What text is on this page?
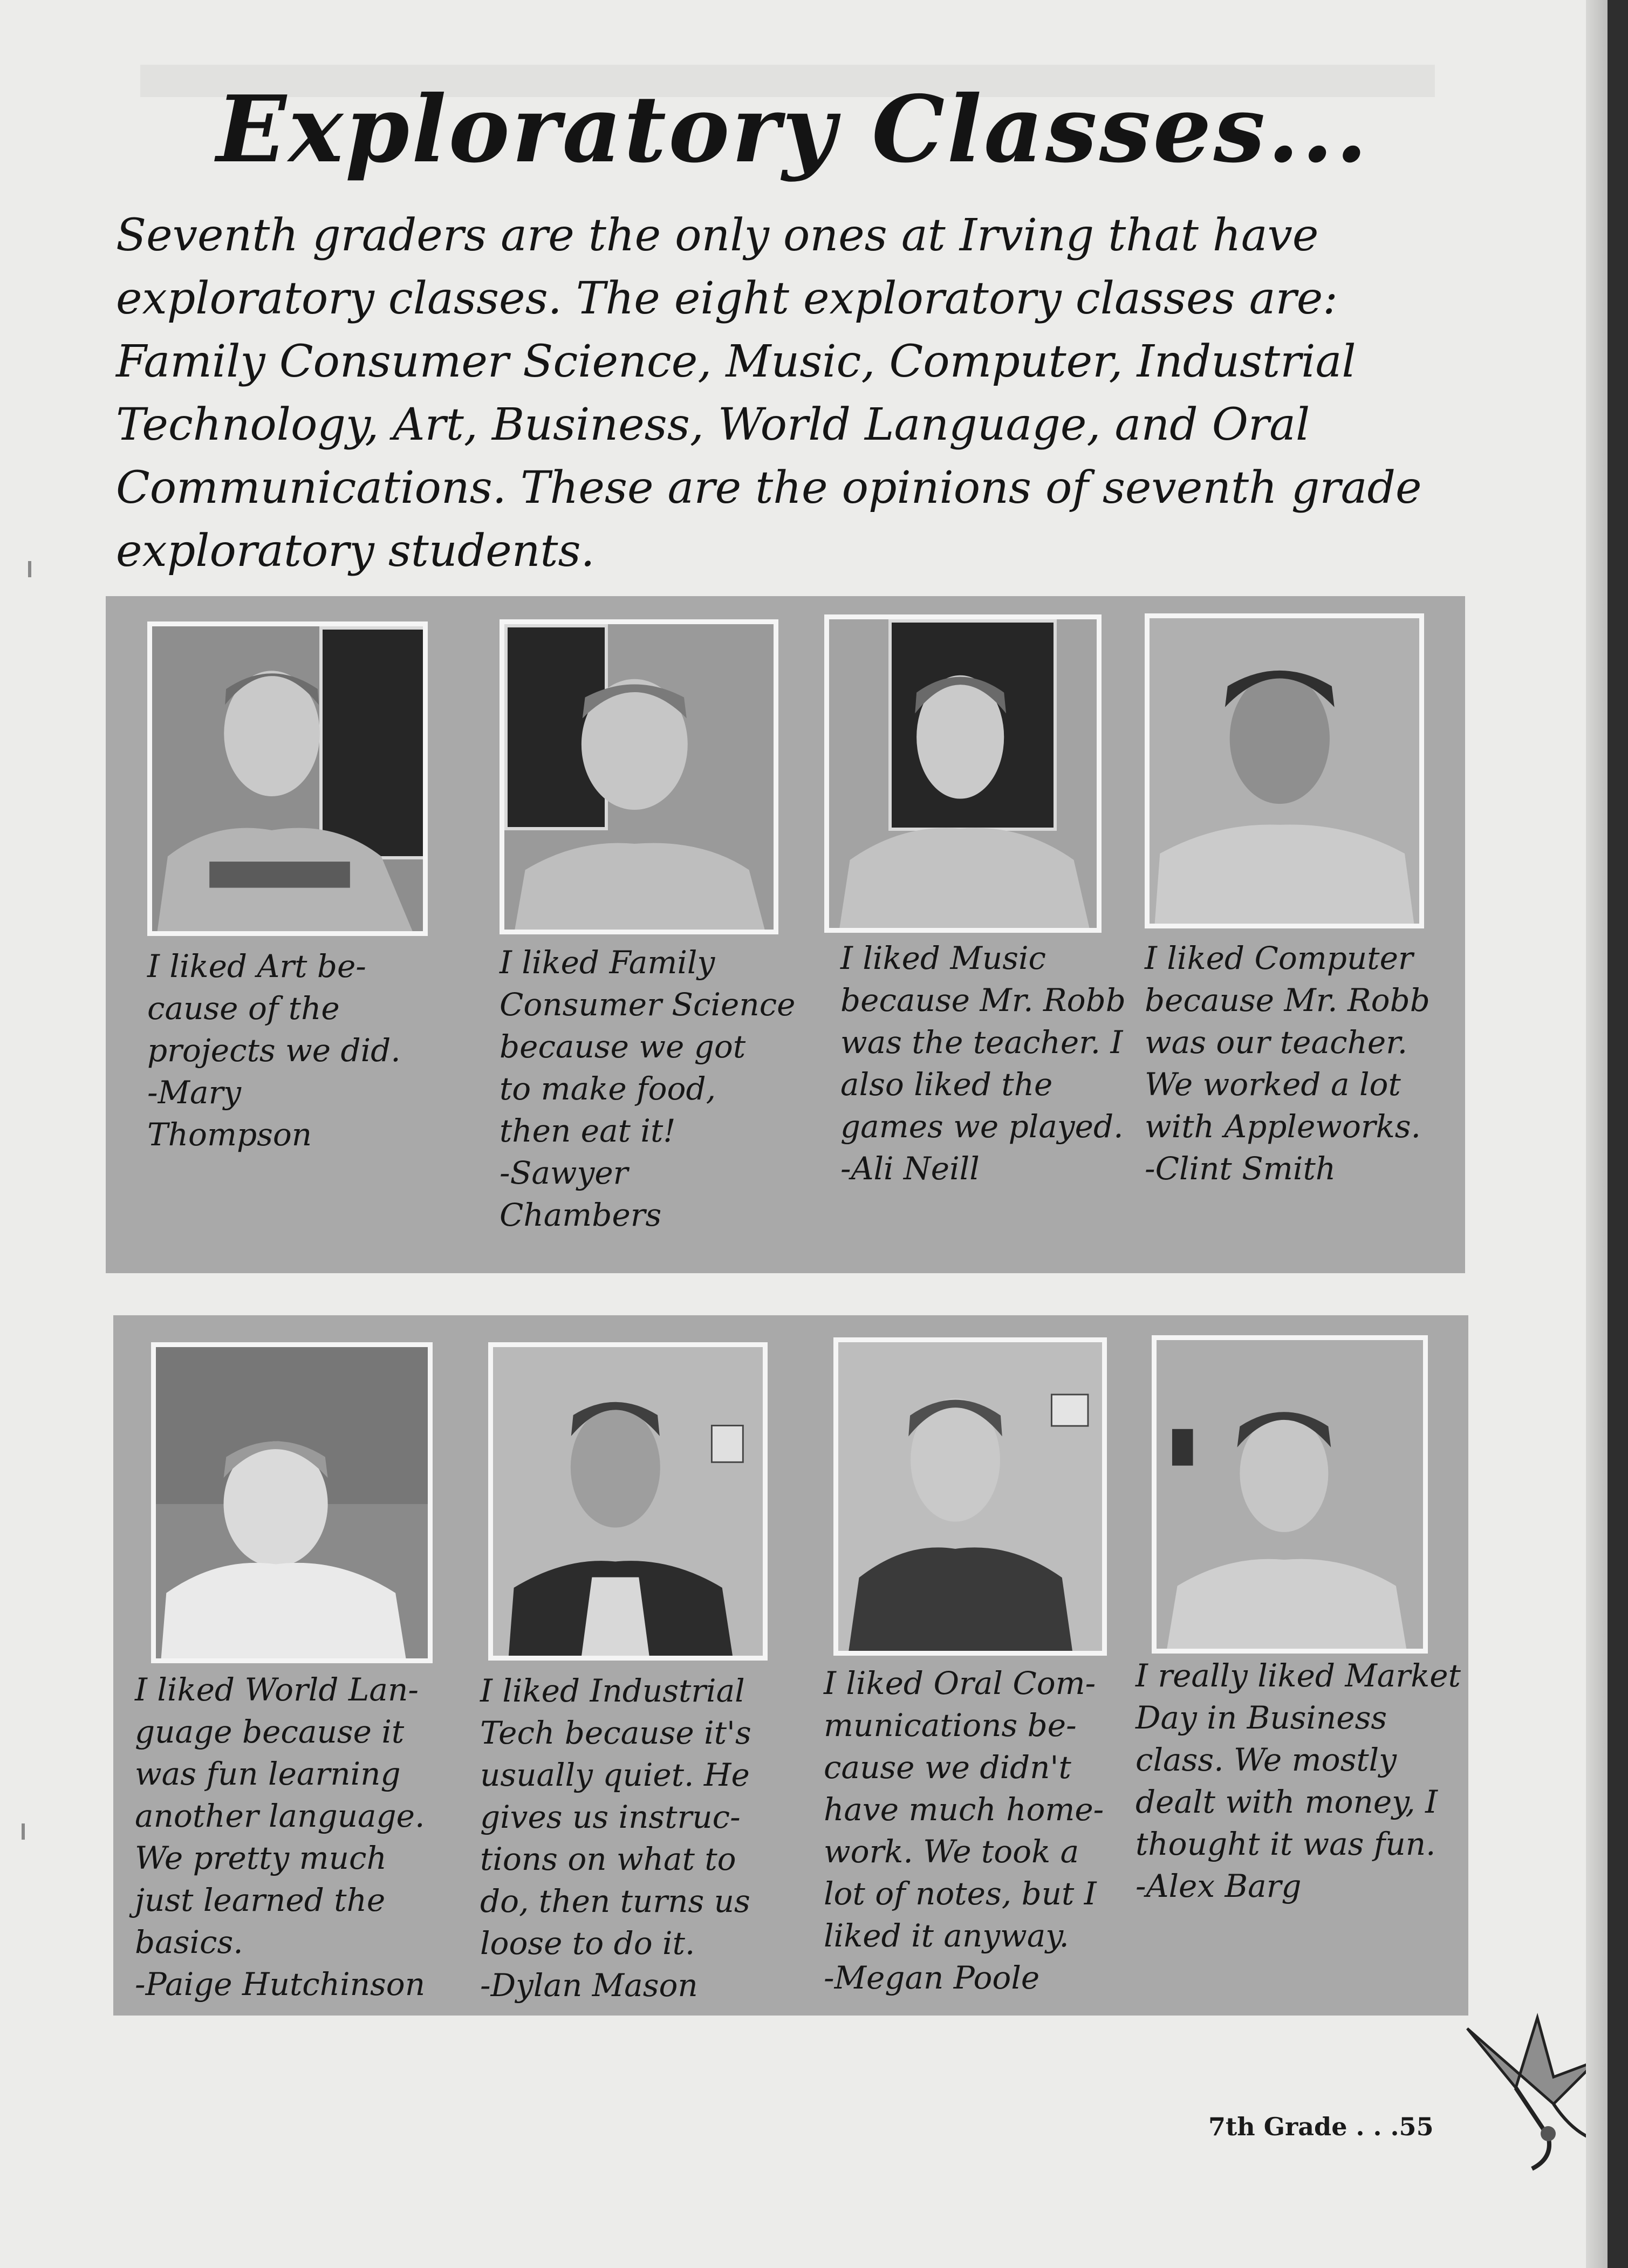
Exploratory Classes...
Seventh graders are the only ones at Irving that have exploratory classes. The eight exploratory classes are: Family Consumer Science, Music, Computer, Industrial Technology, Art, Business, World Language, and Oral Communications. These are the opinions of seventh grade exploratory students.
I liked Art be-
cause of the
projects we did.
-Mary
Thompson
I liked Family
Consumer Science
because we got
to make food,
then eat it!
-Sawyer
Chambers
I liked Music
because Mr. Robb
was the teacher. I
also liked the
games we played.
-Ali Neill
I liked Computer
because Mr. Robb
was our teacher.
We worked a lot
with Appleworks.
-Clint Smith
I liked World Lan-
guage because it
was fun learning
another language.
We pretty much
just learned the
basics.
-Paige Hutchinson
I liked Industrial
Tech because it's
usually quiet. He
gives us instruc-
tions on what to
do, then turns us
loose to do it.
-Dylan Mason
I liked Oral Com-
munications be-
cause we didn't
have much home-
work. We took a
lot of notes, but I
liked it anyway.
-Megan Poole
I really liked Market
Day in Business
class. We mostly
dealt with money, I
thought it was fun.
-Alex Barg
7th Grade . . .55
